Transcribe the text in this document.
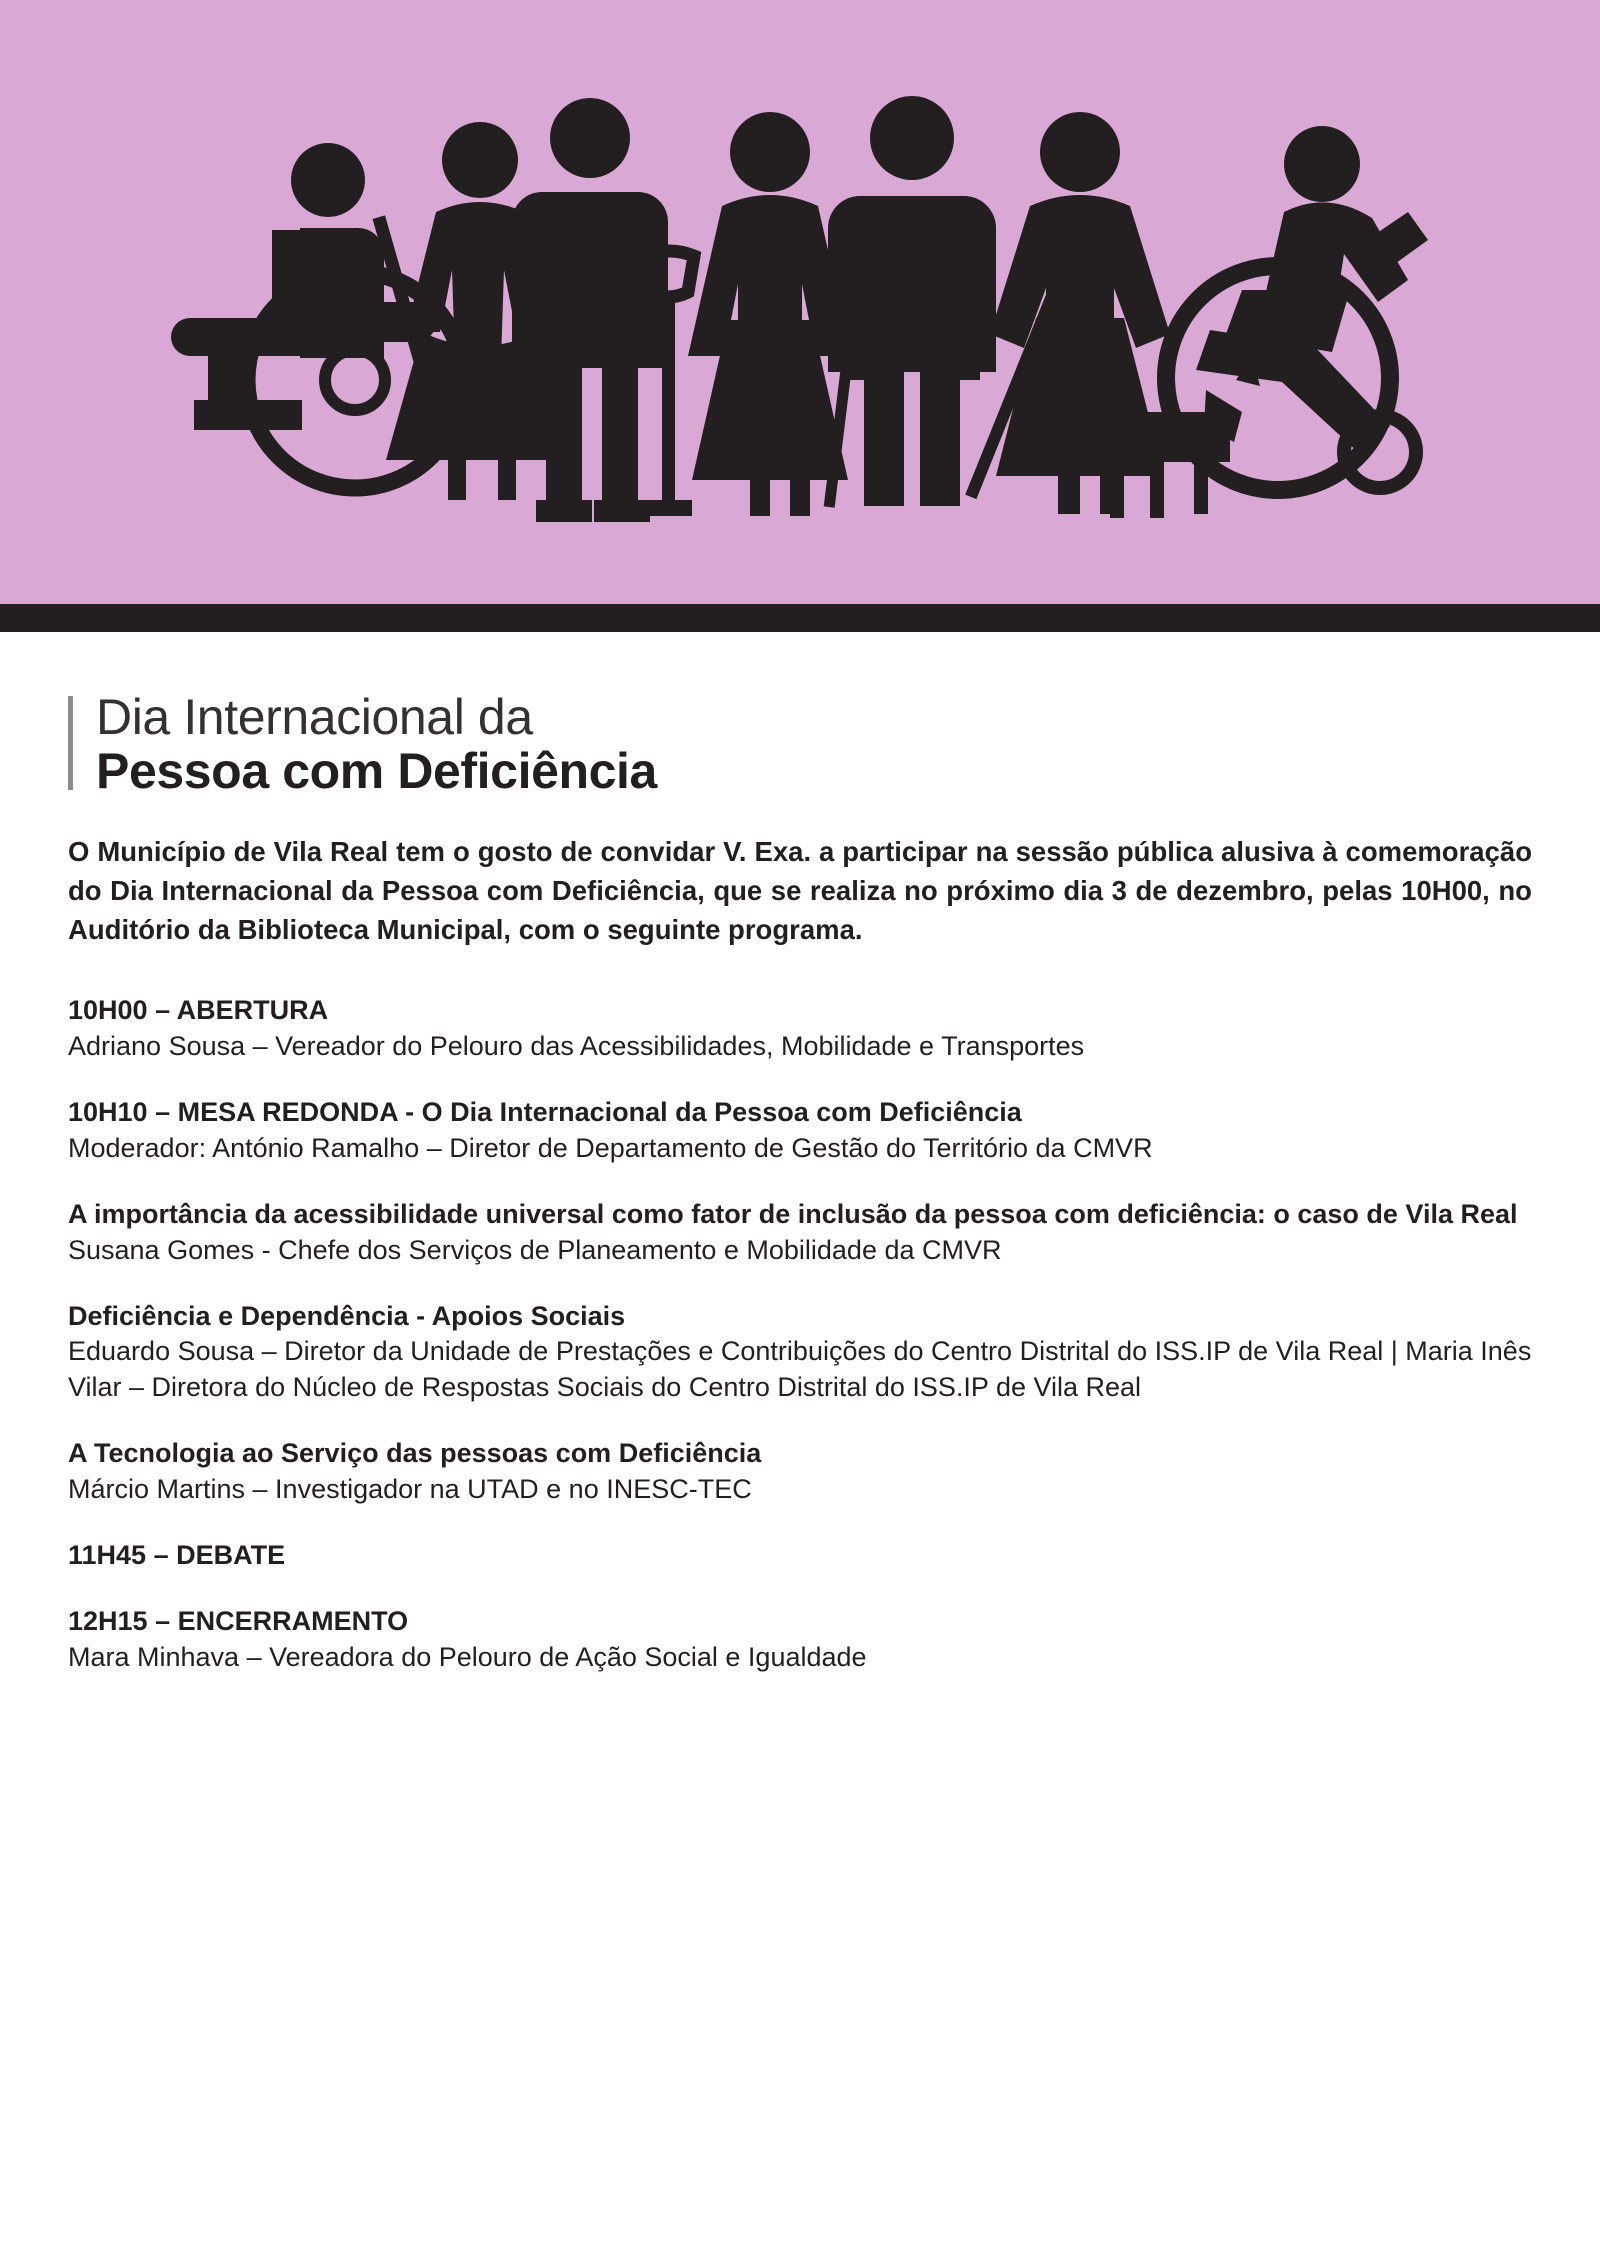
Dia Internacional da
Pessoa com Deficiência

O Município de Vila Real tem o gosto de convidar V. Exa. a participar na sessão pública alusiva à comemoração do Dia Internacional da Pessoa com Deficiência, que se realiza no próximo dia 3 de dezembro, pelas 10H00, no Auditório da Biblioteca Municipal, com o seguinte programa.

10H00 – ABERTURA
Adriano Sousa – Vereador do Pelouro das Acessibilidades, Mobilidade e Transportes
10H10 – MESA REDONDA - O Dia Internacional da Pessoa com Deficiência
Moderador: António Ramalho – Diretor de Departamento de Gestão do Território da CMVR
A importância da acessibilidade universal como fator de inclusão da pessoa com deficiência: o caso de Vila Real
Susana Gomes - Chefe dos Serviços de Planeamento e Mobilidade da CMVR
Deficiência e Dependência - Apoios Sociais
Eduardo Sousa – Diretor da Unidade de Prestações e Contribuições do Centro Distrital do ISS.IP de Vila Real | Maria Inês Vilar – Diretora do Núcleo de Respostas Sociais do Centro Distrital do ISS.IP de Vila Real
A Tecnologia ao Serviço das pessoas com Deficiência
Márcio Martins – Investigador na UTAD e no INESC-TEC
11H45 – DEBATE
12H15 – ENCERRAMENTO
Mara Minhava – Vereadora do Pelouro de Ação Social e Igualdade
